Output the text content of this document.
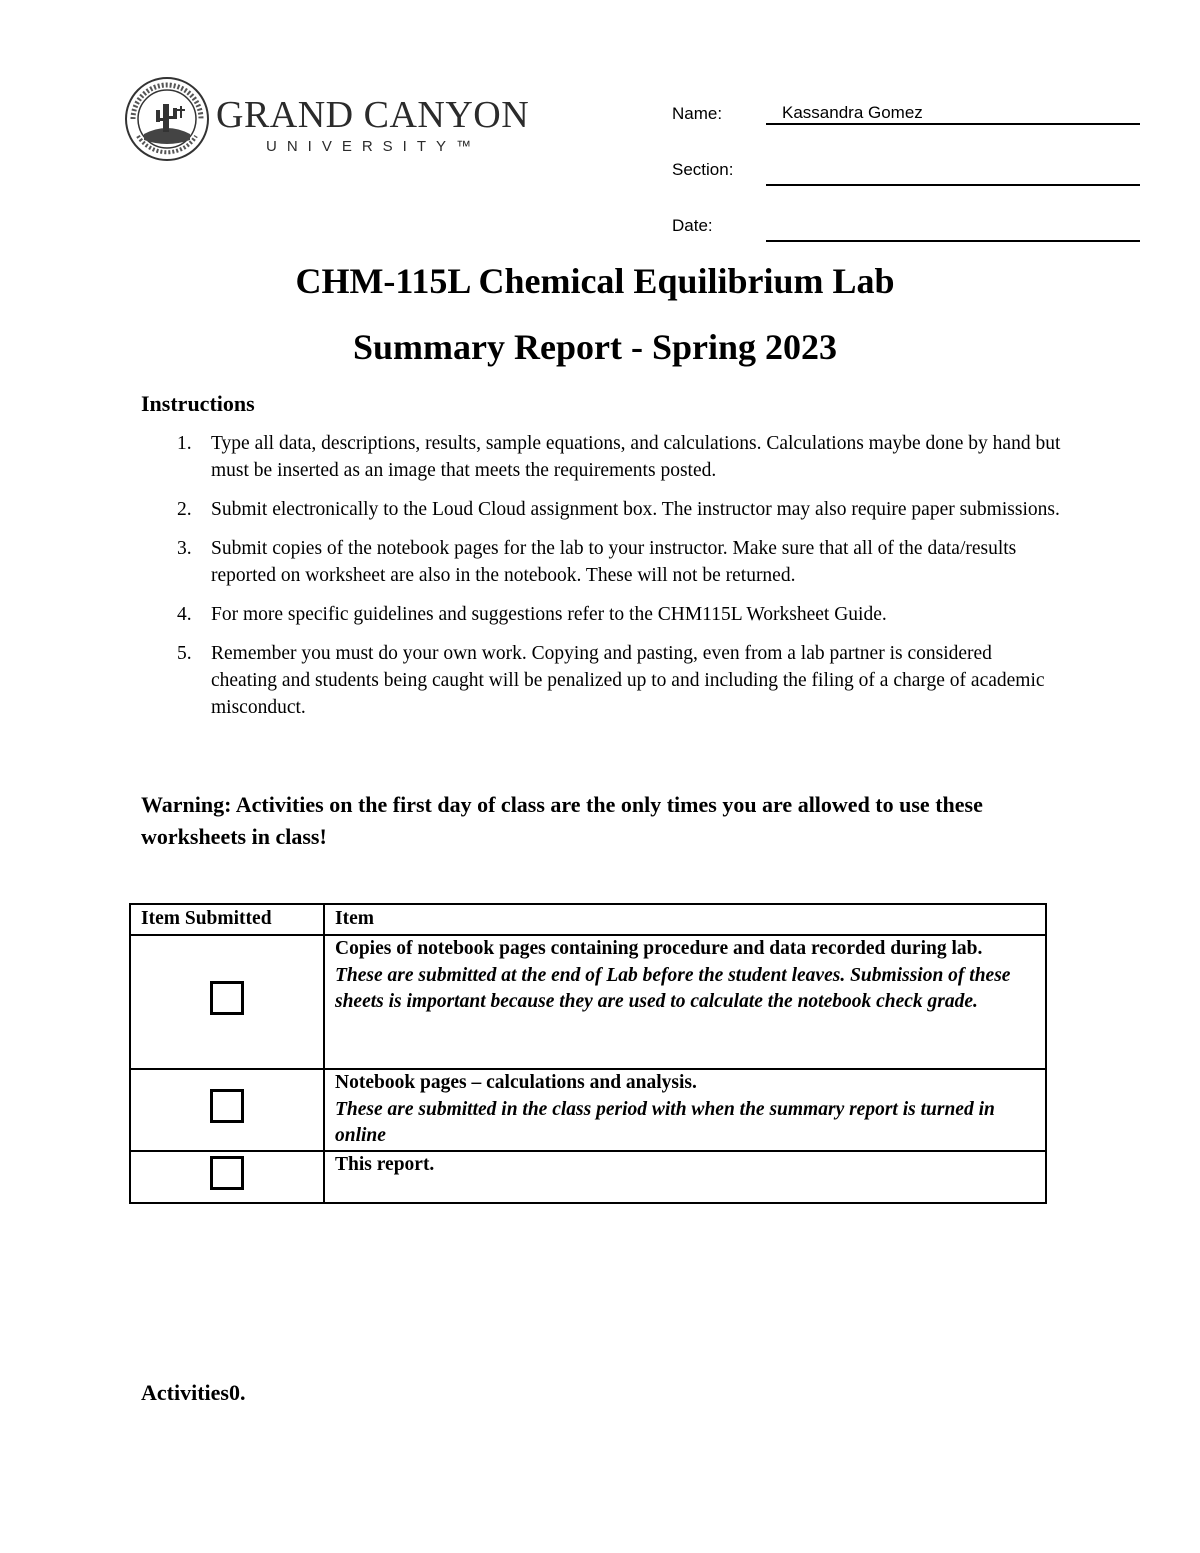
GRAND CANYON
UNIVERSITY™
Name:	Kassandra Gomez
Section:
Date:
CHM-115L Chemical Equilibrium Lab
Summary Report - Spring 2023
Instructions
1. Type all data, descriptions, results, sample equations, and calculations. Calculations maybe done by hand but must be inserted as an image that meets the requirements posted.
2. Submit electronically to the Loud Cloud assignment box. The instructor may also require paper submissions.
3. Submit copies of the notebook pages for the lab to your instructor. Make sure that all of the data/results reported on worksheet are also in the notebook. These will not be returned.
4. For more specific guidelines and suggestions refer to the CHM115L Worksheet Guide.
5. Remember you must do your own work. Copying and pasting, even from a lab partner is considered cheating and students being caught will be penalized up to and including the filing of a charge of academic misconduct.
Warning: Activities on the first day of class are the only times you are allowed to use these worksheets in class!
Item Submitted	Item

	Copies of notebook pages containing procedure and data recorded during lab.
These are submitted at the end of Lab before the student leaves. Submission of these sheets is important because they are used to calculate the notebook check grade.

	Notebook pages – calculations and analysis.
These are submitted in the class period with when the summary report is turned in online

	This report.
Activities0.
